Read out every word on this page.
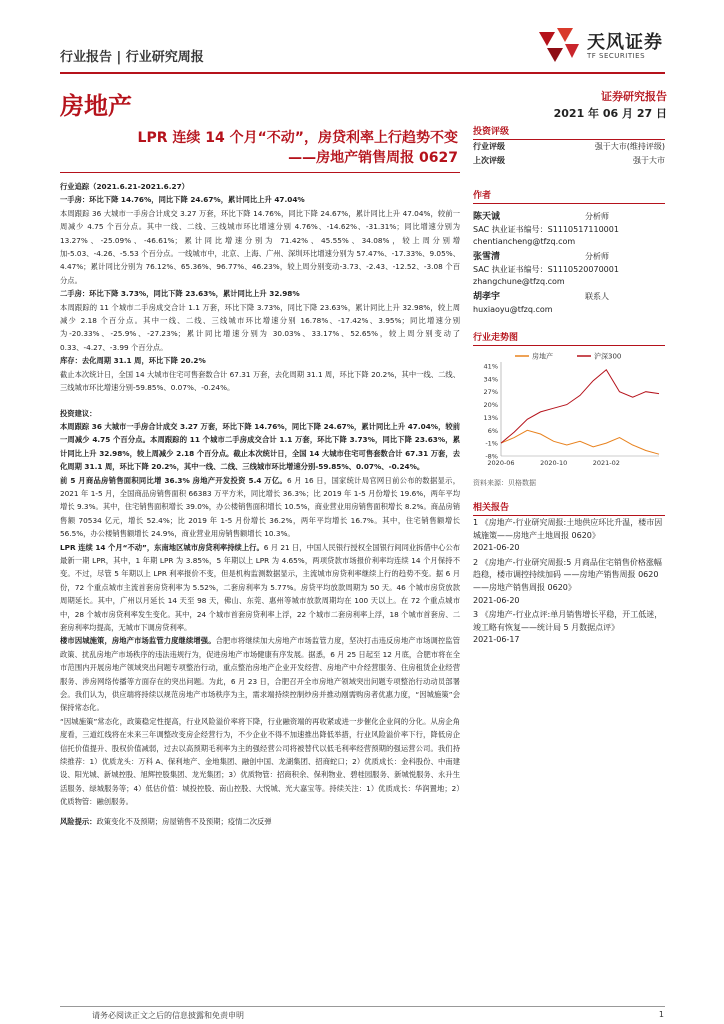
行业报告 | 行业研究周报
天风证券
TF SECURITIES
房地产	证券研究报告
2021 年 06 月 27 日
LPR 连续 14 个月“不动”，房贷利率上行趋势不变
——房地产销售周报 0627

行业追踪（2021.6.21-2021.6.27）

一手房：环比下降 14.76%，同比下降 24.67%，累计同比上升 47.04%

本周跟踪 36 大城市一手房合计成交 3.27 万套，环比下降 14.76%，同比下降 24.67%，累计同比上升 47.04%，较前一周减少 4.75 个百分点。其中一线、二线、三线城市环比增速分别 4.76%、-14.62%、-31.31%；同比增速分别为 13.27%、-25.09%、-46.61%；累计同比增速分别为 71.42%、45.55%、34.08%，较上周分别增加-5.03、-4.26、-5.53 个百分点。一线城市中，北京、上海、广州、深圳环比增速分别为 57.47%、-17.33%、9.05%、4.47%；累计同比分别为 76.12%、65.36%、96.77%、46.23%，较上周分别变动-3.73、-2.43、-12.52、-3.08 个百分点。

二手房：环比下降 3.73%，同比下降 23.63%，累计同比上升 32.98%

本周跟踪的 11 个城市二手房成交合计 1.1 万套，环比下降 3.73%，同比下降 23.63%，累计同比上升 32.98%，较上周减少 2.18 个百分点。其中一线、二线、三线城市环比增速分别 16.78%、-17.42%、3.95%；同比增速分别为-20.33%、-25.9%、-27.23%；累计同比增速分别为 30.03%、33.17%、52.65%，较上周分别变动了 0.33、-4.27、-3.99 个百分点。

库存：去化周期 31.1 周，环比下降 20.2%

截止本次统计日，全国 14 大城市住宅可售套数合计 67.31 万套，去化周期 31.1 周，环比下降 20.2%，其中一线、二线、三线城市环比增速分别-59.85%、0.07%、-0.24%。

投资建议：

本周跟踪 36 大城市一手房合计成交 3.27 万套，环比下降 14.76%，同比下降 24.67%，累计同比上升 47.04%，较前一周减少 4.75 个百分点。本周跟踪的 11 个城市二手房成交合计 1.1 万套，环比下降 3.73%，同比下降 23.63%，累计同比上升 32.98%，较上周减少 2.18 个百分点。截止本次统计日，全国 14 大城市住宅可售套数合计 67.31 万套，去化周期 31.1 周，环比下降 20.2%，其中一线、二线、三线城市环比增速分别-59.85%、0.07%、-0.24%。

前 5 月商品房销售面积同比增 36.3% 房地产开发投资 5.4 万亿。6 月 16 日，国家统计局官网日前公布的数据显示，2021 年 1-5 月，全国商品房销售面积 66383 万平方米，同比增长 36.3%；比 2019 年 1-5 月份增长 19.6%，两年平均增长 9.3%。其中，住宅销售面积增长 39.0%，办公楼销售面积增长 10.5%，商业营业用房销售面积增长 8.2%。商品房销售额 70534 亿元，增长 52.4%；比 2019 年 1-5 月份增长 36.2%，两年平均增长 16.7%。其中，住宅销售额增长 56.5%，办公楼销售额增长 24.9%，商业营业用房销售额增长 10.3%。

LPR 连续 14 个月“不动”，东南地区城市房贷利率持续上行。6 月 21 日，中国人民银行授权全国银行间同业拆借中心公布最新一期 LPR，其中，1 年期 LPR 为 3.85%，5 年期以上 LPR 为 4.65%，两项贷款市场报价利率均连续 14 个月保持不变。不过，尽管 5 年期以上 LPR 利率报价不变，但是机构监测数据显示，主流城市房贷利率继续上行的趋势不变。据 6 月份，72 个重点城市主流首套房贷利率为 5.52%，二套房利率为 5.77%。房贷平均放款周期为 50 天。46 个城市房贷放款周期延长。其中，广州以月延长 14 天至 98 天，佛山、东莞、惠州等城市放款周期均在 100 天以上。在 72 个重点城市中，28 个城市房贷利率发生变化。其中，24 个城市首套房贷利率上浮，22 个城市二套房利率上浮，18 个城市首套房、二套房利率均提高，无城市下调房贷利率。

楼市因城施策，房地产市场监管力度继续增强。合肥市将继续加大房地产市场监管力度，坚决打击违反房地产市场调控监管政策、扰乱房地产市场秩序的违法违规行为，促进房地产市场健康有序发展。据悉，6 月 25 日起至 12 月底，合肥市将在全市范围内开展房地产领域突出问题专项整治行动，重点整治房地产企业开发经营、房地产中介经营服务、住房租赁企业经营服务、涉房网络传播等方面存在的突出问题。为此，6 月 23 日，合肥召开全市房地产领域突出问题专项整治行动动员部署会。我们认为，供应端将持续以规范房地产市场秩序为主，需求端持续控制炒房并推动刚需购房者优惠力度，“因城施策”会保持常态化。

“因城施策”常态化，政策稳定性提高，行业风险溢价率将下降，行业融资端的再收紧或进一步催化企业间的分化。从房企角度看，三道红线将在未来三年调整改变房企经营行为，不少企业不得不加速推出降低举措，行业风险溢价率下行，降低房企信托价值提升、股权价值减弱，过去以高预期毛利率为主的强经营公司将被替代以低毛利率经营预期的强运营公司。我们持续推荐：1）优质龙头：万科 A、保利地产、金地集团、融创中国、龙湖集团、招商蛇口；2）优质成长：金科股份、中南建设、阳光城、新城控股、旭辉控股集团、龙光集团；3）优质物管：招商积余、保利物业、碧桂园服务、新城悦服务、永升生活服务、绿城服务等；4）低估价值：城投控股、南山控股、大悦城、光大嘉宝等。持续关注：1）优质成长：华润置地；2）优质物管：融创服务。

风险提示：政策变化不及预期；房屋销售不及预期；疫情二次反弹

投资评级
行业评级	强于大市(维持评级)
上次评级	强于大市
作者
陈天诚	分析师
SAC 执业证书编号：S1110517110001
chentiancheng@tfzq.com
张雪清	分析师
SAC 执业证书编号：S1110520070001
zhangchune@tfzq.com
胡孝宇	联系人
huxiaoyu@tfzq.com
行业走势图
41%
34%
27%
20%
13%
6%
-1%
-8%
2020-06	2020-10	2021-02
房地产	沪深300
资料来源：贝格数据
相关报告
1 《房地产-行业研究周报:土地供应环比升温，楼市因城施策——房地产土地周报 0620》
2021-06-20
2 《房地产-行业研究周报:5 月商品住宅销售价格涨幅趋稳，楼市调控持续加码 ——房地产销售周报 0620——房地产销售周报 0620》
2021-06-20
3 《房地产-行业点评:单月销售增长平稳，开工低迷，竣工略有恢复——统计局 5 月数据点评》
2021-06-17
请务必阅读正文之后的信息披露和免责申明	1
